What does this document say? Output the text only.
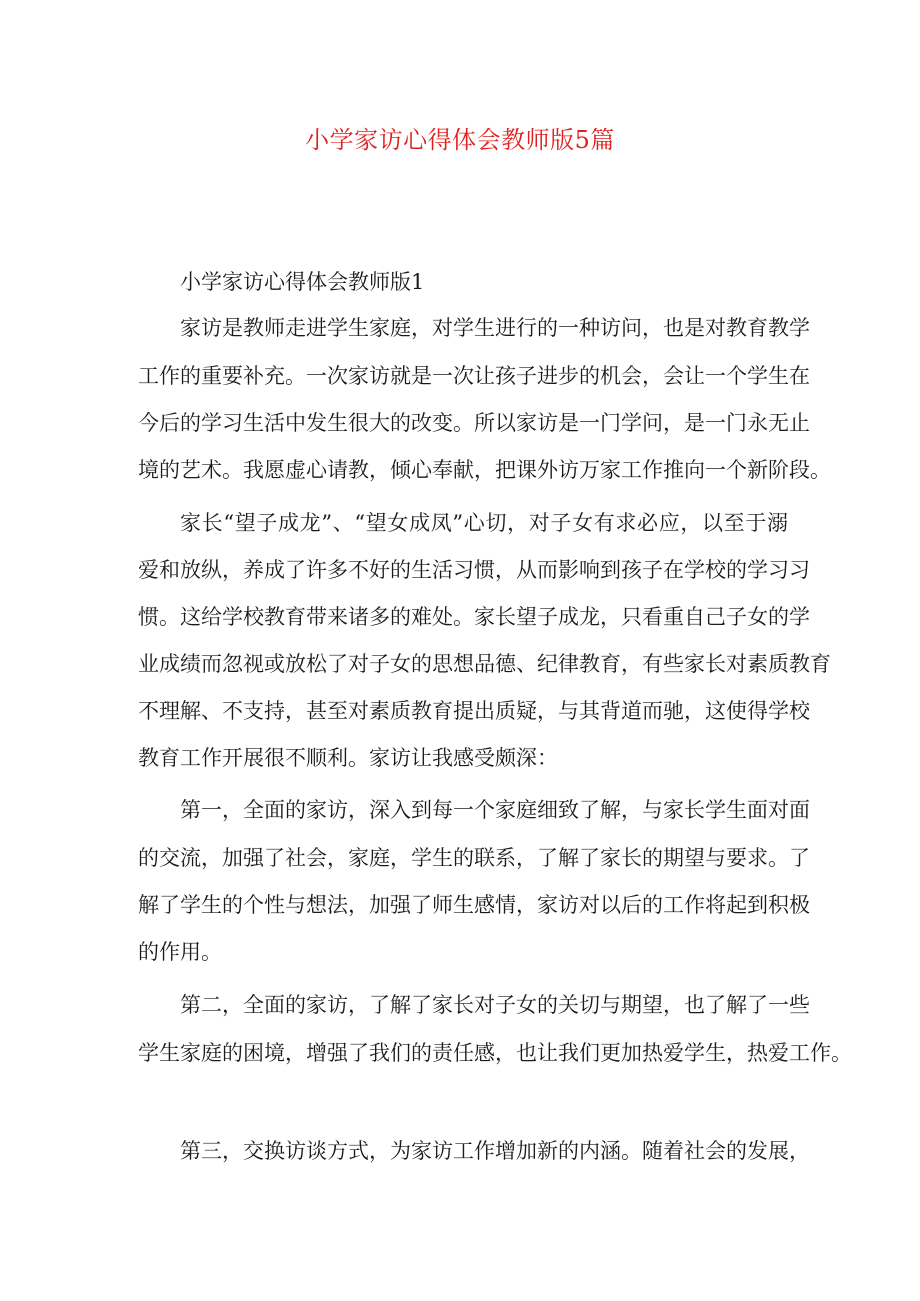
小学家访心得体会教师版5篇

小学家访心得体会教师版1

家访是教师走进学生家庭，对学生进行的一种访问，也是对教育教学

工作的重要补充。一次家访就是一次让孩子进步的机会，会让一个学生在

今后的学习生活中发生很大的改变。所以家访是一门学问，是一门永无止

境的艺术。我愿虚心请教，倾心奉献，把课外访万家工作推向一个新阶段。

家长“望子成龙”、“望女成凤”心切，对子女有求必应，以至于溺

爱和放纵，养成了许多不好的生活习惯，从而影响到孩子在学校的学习习

惯。这给学校教育带来诸多的难处。家长望子成龙，只看重自己子女的学

业成绩而忽视或放松了对子女的思想品德、纪律教育，有些家长对素质教育

不理解、不支持，甚至对素质教育提出质疑，与其背道而驰，这使得学校

教育工作开展很不顺利。家访让我感受颇深：

第一，全面的家访，深入到每一个家庭细致了解，与家长学生面对面

的交流，加强了社会，家庭，学生的联系，了解了家长的期望与要求。了

解了学生的个性与想法，加强了师生感情，家访对以后的工作将起到积极

的作用。

第二，全面的家访，了解了家长对子女的关切与期望，也了解了一些

学生家庭的困境，增强了我们的责任感，也让我们更加热爱学生，热爱工作。

第三，交换访谈方式，为家访工作增加新的内涵。随着社会的发展，
